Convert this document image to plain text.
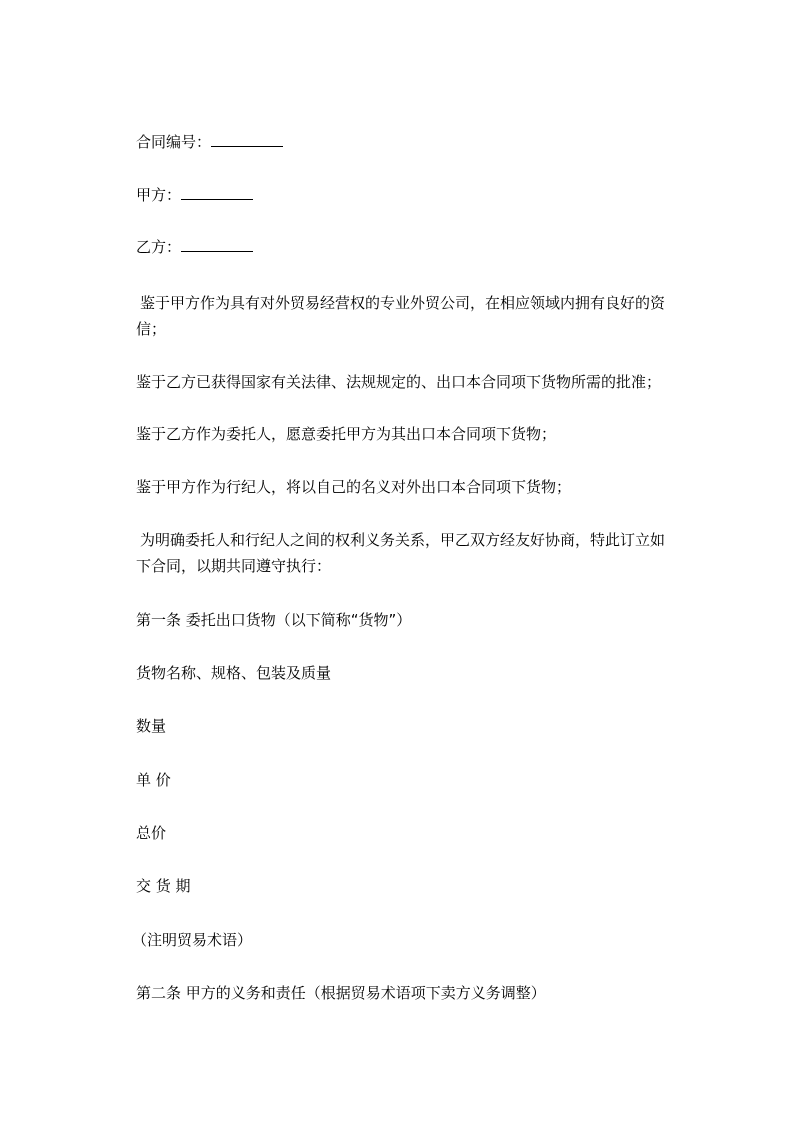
合同编号：

甲方：

乙方：

鉴于甲方作为具有对外贸易经营权的专业外贸公司，在相应领域内拥有良好的资

信；

鉴于乙方已获得国家有关法律、法规规定的、出口本合同项下货物所需的批准；

鉴于乙方作为委托人，愿意委托甲方为其出口本合同项下货物；

鉴于甲方作为行纪人，将以自己的名义对外出口本合同项下货物；

为明确委托人和行纪人之间的权利义务关系，甲乙双方经友好协商，特此订立如

下合同，以期共同遵守执行：

第一条 委托出口货物（以下简称“货物”）

货物名称、规格、包装及质量

数量

单 价

总价

交 货 期

（注明贸易术语）

第二条 甲方的义务和责任（根据贸易术语项下卖方义务调整）
